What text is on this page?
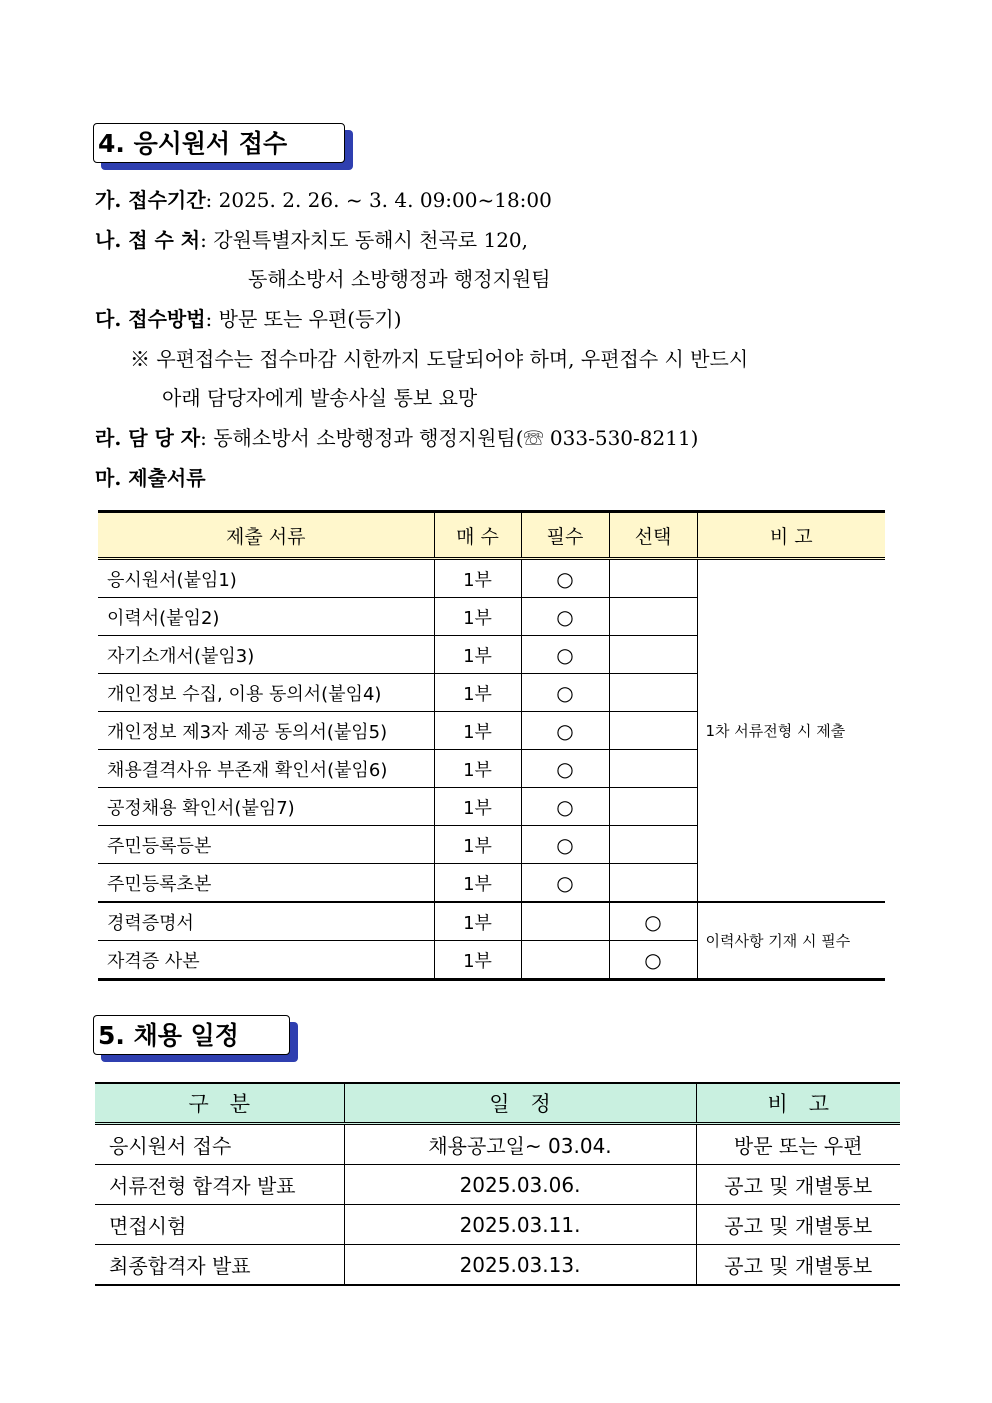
4. 응시원서 접수
가. 접수기간: 2025. 2. 26. ~ 3. 4. 09:00~18:00
나. 접 수 처: 강원특별자치도 동해시 천곡로 120,
동해소방서 소방행정과 행정지원팀
다. 접수방법: 방문 또는 우편(등기)
※ 우편접수는 접수마감 시한까지 도달되어야 하며, 우편접수 시 반드시
아래 담당자에게 발송사실 통보 요망
라. 담 당 자: 동해소방서 소방행정과 행정지원팀(☏ 033-530-8211)
마. 제출서류
제출 서류	매 수	필수	선택	비 고
응시원서(붙임1)	1부	○		1차 서류전형 시 제출
이력서(붙임2)	1부	○		
자기소개서(붙임3)	1부	○		
개인정보 수집, 이용 동의서(붙임4)	1부	○		
개인정보 제3자 제공 동의서(붙임5)	1부	○		
채용결격사유 부존재 확인서(붙임6)	1부	○		
공정채용 확인서(붙임7)	1부	○		
주민등록등본	1부	○		
주민등록초본	1부	○		
경력증명서	1부		○	이력사항 기재 시 필수
자격증 사본	1부		○	
5. 채용 일정
구　분	일　정	비　고
응시원서 접수	채용공고일~ 03.04.	방문 또는 우편
서류전형 합격자 발표	2025.03.06.	공고 및 개별통보
면접시험	2025.03.11.	공고 및 개별통보
최종합격자 발표	2025.03.13.	공고 및 개별통보
